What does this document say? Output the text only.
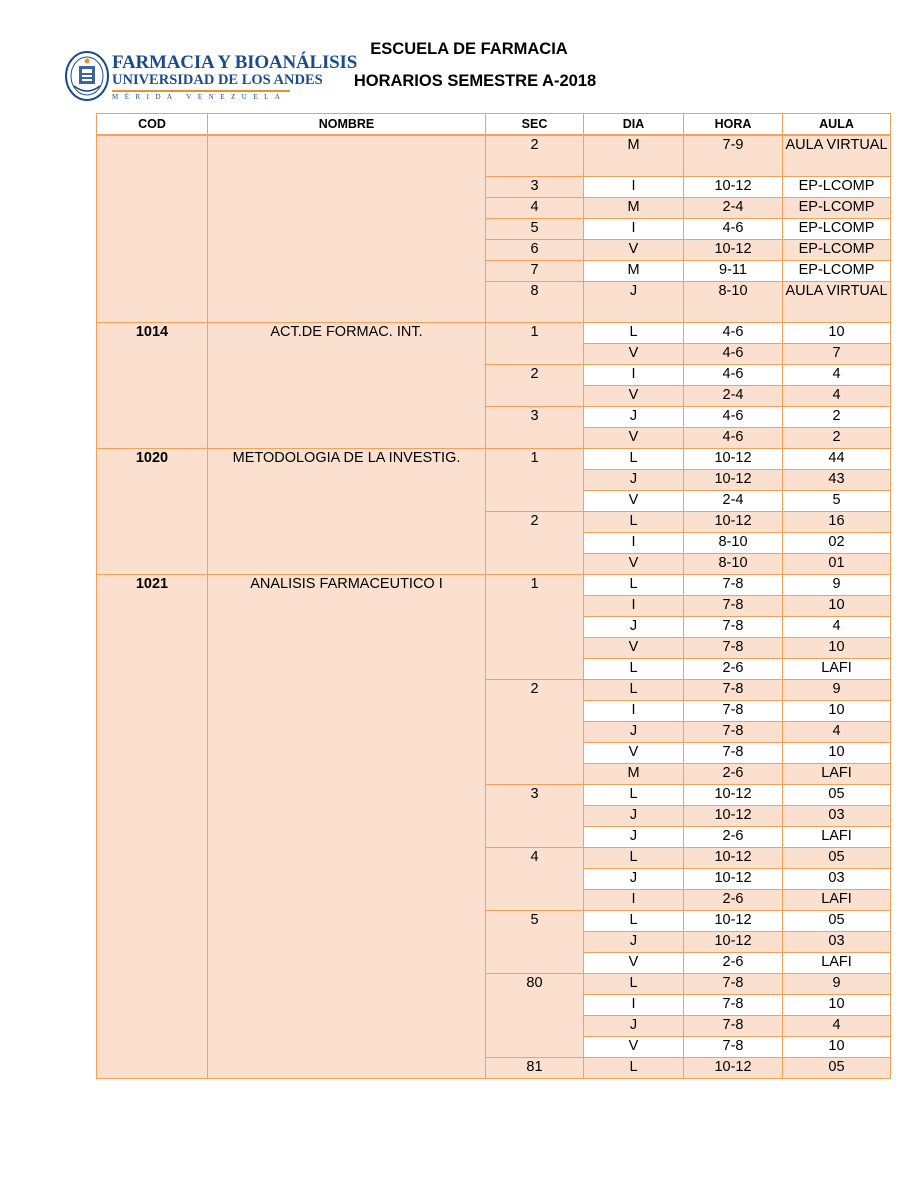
FARMACIA Y BIOANÁLISIS
UNIVERSIDAD DE LOS ANDES
MÉRIDA VENEZUELA
ESCUELA DE FARMACIA
HORARIOS SEMESTRE A-2018
COD	NOMBRE	SEC	DIA	HORA	AULA
		2	M	7-9	AULA VIRTUAL
		3	I	10-12	EP-LCOMP
		4	M	2-4	EP-LCOMP
		5	I	4-6	EP-LCOMP
		6	V	10-12	EP-LCOMP
		7	M	9-11	EP-LCOMP
		8	J	8-10	AULA VIRTUAL
1014	ACT.DE FORMAC. INT.	1	L	4-6	10
			V	4-6	7
		2	I	4-6	4
			V	2-4	4
		3	J	4-6	2
			V	4-6	2
1020	METODOLOGIA DE LA INVESTIG.	1	L	10-12	44
			J	10-12	43
			V	2-4	5
		2	L	10-12	16
			I	8-10	02
			V	8-10	01
1021	ANALISIS FARMACEUTICO I	1	L	7-8	9
			I	7-8	10
			J	7-8	4
			V	7-8	10
			L	2-6	LAFI
		2	L	7-8	9
			I	7-8	10
			J	7-8	4
			V	7-8	10
			M	2-6	LAFI
		3	L	10-12	05
			J	10-12	03
			J	2-6	LAFI
		4	L	10-12	05
			J	10-12	03
			I	2-6	LAFI
		5	L	10-12	05
			J	10-12	03
			V	2-6	LAFI
		80	L	7-8	9
			I	7-8	10
			J	7-8	4
			V	7-8	10
		81	L	10-12	05
